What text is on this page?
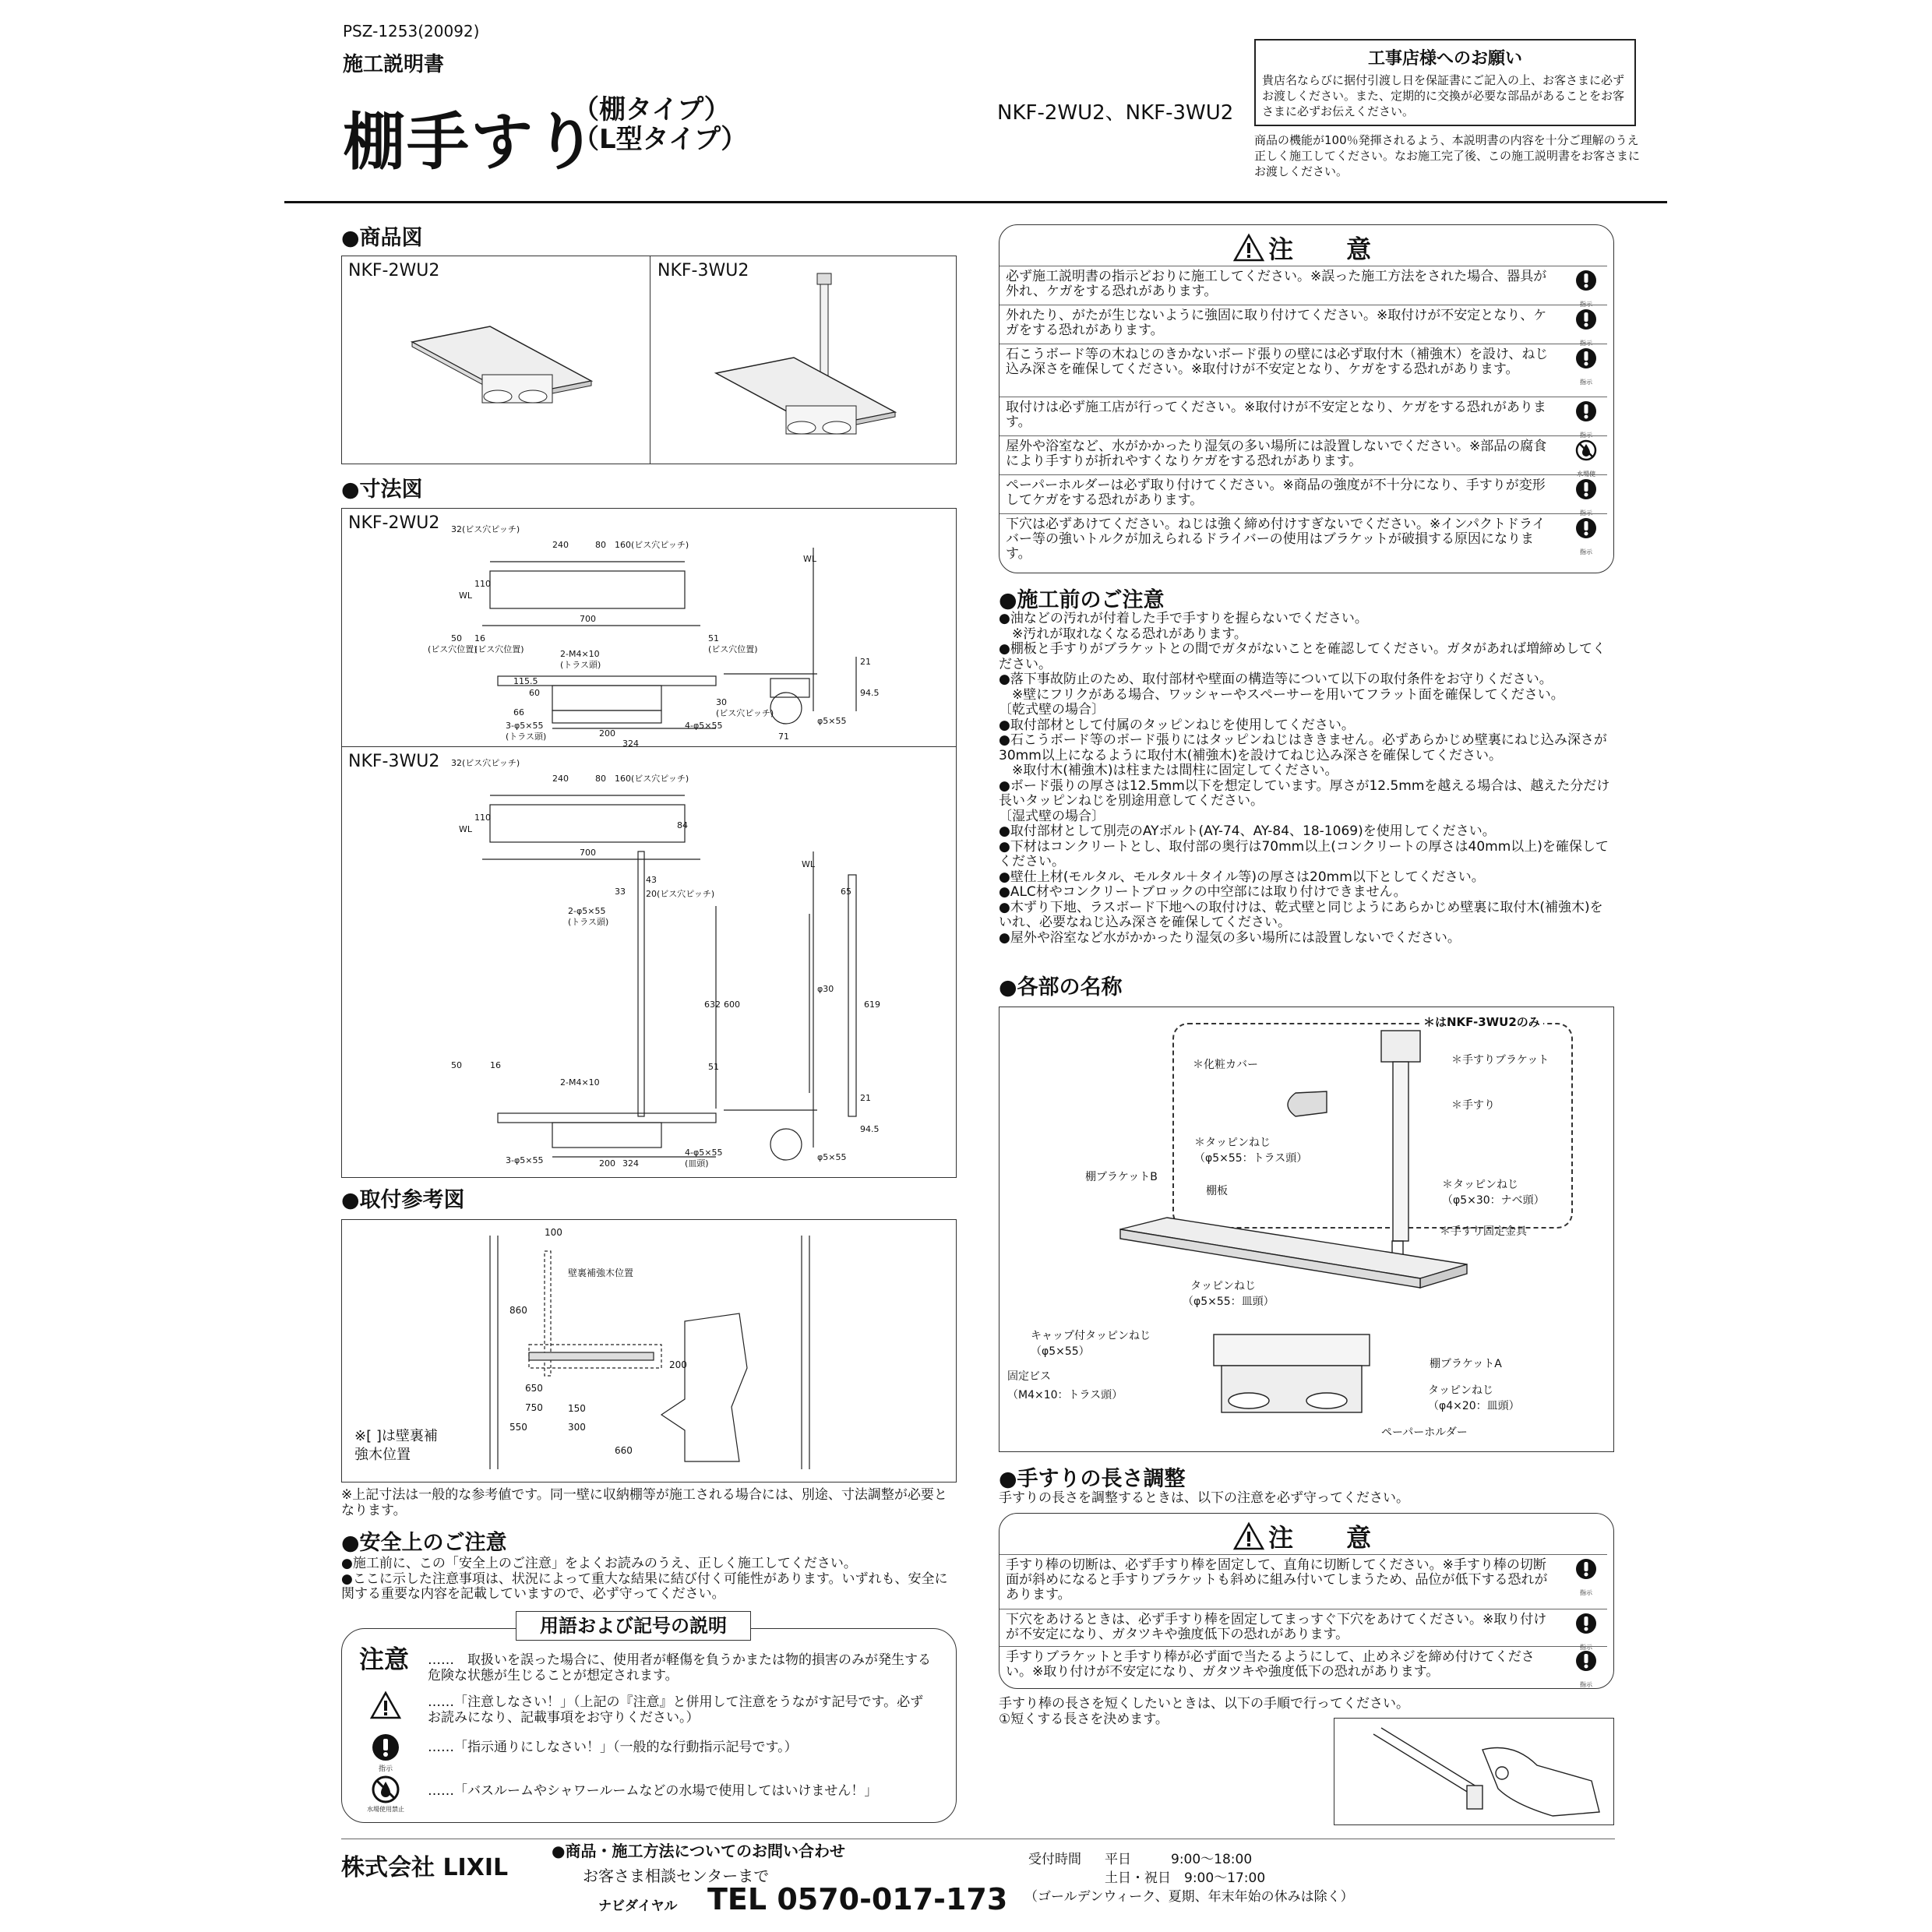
PSZ-1253(20092)
施工説明書
棚手すり
（棚タイプ）
（L型タイプ）
NKF-2WU2、NKF-3WU2
工事店様へのお願い
貴店名ならびに据付引渡し日を保証書にご記入の上、お客さまに必ずお渡しください。また、定期的に交換が必要な部品があることをお客さまに必ずお伝えください。
商品の機能が100％発揮されるよう、本説明書の内容を十分ご理解のうえ正しく施工してください。なお施工完了後、この施工説明書をお客さまにお渡しください。
●商品図
NKF-2WU2	NKF-3WU2
●寸法図
NKF-2WU2
NKF-3WU2
32(ビス穴ピッチ)
240	80 160(ビス穴ピッチ)
WL
WL
110
700
50 16
(ビス穴位置)
(ビス穴位置)	2-M4×10
(トラス頭)
51
(ビス穴位置)
21
60
115.5
66
200
324
30
(ビス穴ピッチ)
3-φ5×55
(トラス頭)
4-φ5×55
94.5
φ5×55
71
32(ビス穴ピッチ)
240	80 160(ビス穴ピッチ)
WL
110
84
700
WL
43
20(ビス穴ピッチ)
33
2-φ5×55
(トラス頭)
65
632 600
φ30
619
50	16
2-M4×10
51
21
200 324
4-φ5×55
(皿頭)
3-φ5×55
94.5
φ5×55
●取付参考図
100
壁裏補強木位置
860
200
650
750
550
150
300
660
※[ ]は壁裏補強木位置
※上記寸法は一般的な参考値です。同一壁に収納棚等が施工される場合には、別途、寸法調整が必要となります。
●安全上のご注意
●施工前に、この「安全上のご注意」をよくお読みのうえ、正しく施工してください。
●ここに示した注意事項は、状況によって重大な結果に結び付く可能性があります。いずれも、安全に関する重要な内容を記載していますので、必ず守ってください。
注意 ……　取扱いを誤った場合に、使用者が軽傷を負うかまたは物的損害のみが発生する危険な状態が生じることが想定されます。
……「注意しなさい！」（上記の『注意』と併用して注意をうながす記号です。必ずお読みになり、記載事項をお守りください。）
指示
……「指示通りにしなさい！」（一般的な行動指示記号です。）
水場使用禁止
……「バスルームやシャワールームなどの水場で使用してはいけません！」
用語および記号の説明
注　意
必ず施工説明書の指示どおりに施工してください。※誤った施工方法をされた場合、器具が外れ、ケガをする恐れがあります。
指示
外れたり、がたが生じないように強固に取り付けてください。※取付けが不安定となり、ケガをする恐れがあります。
指示
石こうボード等の木ねじのきかないボード張りの壁には必ず取付木（補強木）を設け、ねじ込み深さを確保してください。※取付けが不安定となり、ケガをする恐れがあります。
指示
取付けは必ず施工店が行ってください。※取付けが不安定となり、ケガをする恐れがあります。
指示
屋外や浴室など、水がかかったり湿気の多い場所には設置しないでください。※部品の腐食により手すりが折れやすくなりケガをする恐れがあります。
水場使
ペーパーホルダーは必ず取り付けてください。※商品の強度が不十分になり、手すりが変形してケガをする恐れがあります。
指示
下穴は必ずあけてください。ねじは強く締め付けすぎないでください。※インパクトドライバー等の強いトルクが加えられるドライバーの使用はブラケットが破損する原因になります。	指示
●施工前のご注意
●油などの汚れが付着した手で手すりを握らないでください。
　※汚れが取れなくなる恐れがあります。
●棚板と手すりがブラケットとの間でガタがないことを確認してください。ガタがあれば増締めしてください。
●落下事故防止のため、取付部材や壁面の構造等について以下の取付条件をお守りください。
　※壁にフリクがある場合、ワッシャーやスペーサーを用いてフラット面を確保してください。
〔乾式壁の場合〕
●取付部材として付属のタッピンねじを使用してください。
●石こうボード等のボード張りにはタッピンねじはききません。必ずあらかじめ壁裏にねじ込み深さが30mm以上になるように取付木(補強木)を設けてねじ込み深さを確保してください。
　※取付木(補強木)は柱または間柱に固定してください。
●ボード張りの厚さは12.5mm以下を想定しています。厚さが12.5mmを越える場合は、越えた分だけ長いタッピンねじを別途用意してください。
〔湿式壁の場合〕
●取付部材として別売のAYボルト(AY-74、AY-84、18-1069)を使用してください。
●下材はコンクリートとし、取付部の奥行は70mm以上(コンクリートの厚さは40mm以上)を確保してください。
●壁仕上材(モルタル、モルタル＋タイル等)の厚さは20mm以下としてください。
●ALC材やコンクリートブロックの中空部には取り付けできません。
●木ずり下地、ラスボード下地への取付けは、乾式壁と同じようにあらかじめ壁裏に取付木(補強木)をいれ、必要なねじ込み深さを確保してください。
●屋外や浴室など水がかかったり湿気の多い場所には設置しないでください。
●各部の名称
＊はNKF-3WU2のみ
＊化粧カバー	＊手すりブラケット
＊手すり
＊タッピンねじ
（φ5×55：トラス頭）
棚ブラケットB
棚板	＊タッピンねじ
（φ5×30：ナベ頭）
＊手すり固定金具
タッピンねじ
（φ5×55：皿頭）
キャップ付タッピンねじ
（φ5×55）
棚ブラケットA
固定ビス
（M4×10：トラス頭）	タッピンねじ
（φ4×20：皿頭）
ペーパーホルダー
●手すりの長さ調整
手すりの長さを調整するときは、以下の注意を必ず守ってください。
注　意
手すり棒の切断は、必ず手すり棒を固定して、直角に切断してください。※手すり棒の切断面が斜めになると手すりブラケットも斜めに組み付いてしまうため、品位が低下する恐れがあります。	指示
下穴をあけるときは、必ず手すり棒を固定してまっすぐ下穴をあけてください。※取り付けが不安定になり、ガタツキや強度低下の恐れがあります。
指示
手すりブラケットと手すり棒が必ず面で当たるようにして、止めネジを締め付けてください。※取り付けが不安定になり、ガタツキや強度低下の恐れがあります。
指示
手すり棒の長さを短くしたいときは、以下の手順で行ってください。
①短くする長さを決めます。
株式会社 LIXIL
●商品・施工方法についてのお問い合わせ
お客さま相談センターまで
ナビダイヤル TEL 0570-017-173
受付時間 平日　　　9:00〜18:00
土日・祝日　9:00〜17:00
（ゴールデンウィーク、夏期、年末年始の休みは除く）
